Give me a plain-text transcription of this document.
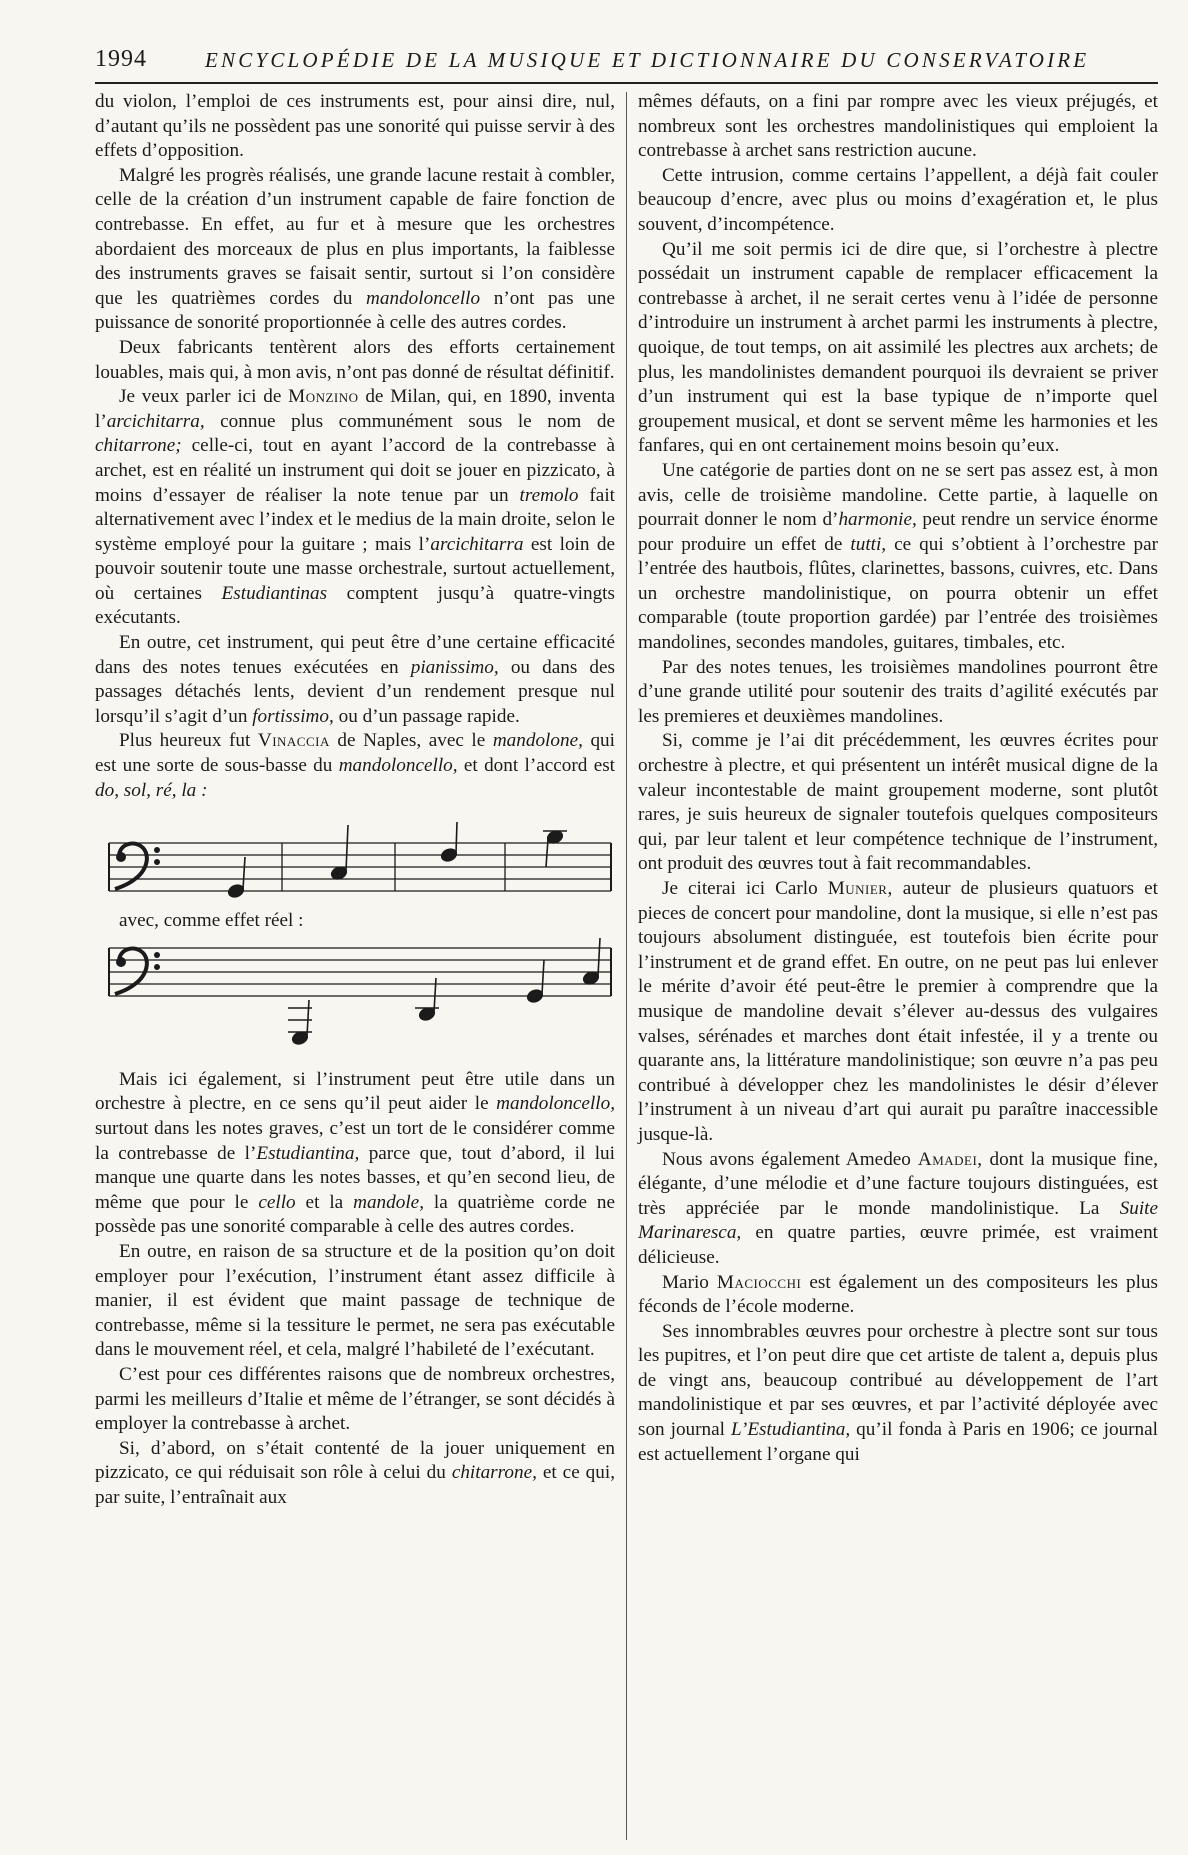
1994	ENCYCLOPÉDIE DE LA MUSIQUE ET DICTIONNAIRE DU CONSERVATOIRE

du violon, l’emploi de ces instruments est, pour ainsi dire, nul, d’autant qu’ils ne possèdent pas une sonorité qui puisse servir à des effets d’opposition.

Malgré les progrès réalisés, une grande lacune restait à combler, celle de la création d’un instrument capable de faire fonction de contrebasse. En effet, au fur et à mesure que les orchestres abordaient des morceaux de plus en plus importants, la faiblesse des instruments graves se faisait sentir, surtout si l’on considère que les quatrièmes cordes du mandoloncello n’ont pas une puissance de sonorité proportionnée à celle des autres cordes.

Deux fabricants tentèrent alors des efforts certainement louables, mais qui, à mon avis, n’ont pas donné de résultat définitif.

Je veux parler ici de Monzino de Milan, qui, en 1890, inventa l’arcichitarra, connue plus communément sous le nom de chitarrone; celle-ci, tout en ayant l’accord de la contrebasse à archet, est en réalité un instrument qui doit se jouer en pizzicato, à moins d’essayer de réaliser la note tenue par un tremolo fait alternativement avec l’index et le medius de la main droite, selon le système employé pour la guitare ; mais l’arcichitarra est loin de pouvoir soutenir toute une masse orchestrale, surtout actuellement, où certaines Estudiantinas comptent jusqu’à quatre-vingts exécutants.

En outre, cet instrument, qui peut être d’une certaine efficacité dans des notes tenues exécutées en pianissimo, ou dans des passages détachés lents, devient d’un rendement presque nul lorsqu’il s’agit d’un fortissimo, ou d’un passage rapide.

Plus heureux fut Vinaccia de Naples, avec le mandolone, qui est une sorte de sous-basse du mandoloncello, et dont l’accord est do, sol, ré, la :

avec, comme effet réel :

Mais ici également, si l’instrument peut être utile dans un orchestre à plectre, en ce sens qu’il peut aider le mandoloncello, surtout dans les notes graves, c’est un tort de le considérer comme la contrebasse de l’Estudiantina, parce que, tout d’abord, il lui manque une quarte dans les notes basses, et qu’en second lieu, de même que pour le cello et la mandole, la quatrième corde ne possède pas une sonorité comparable à celle des autres cordes.

En outre, en raison de sa structure et de la position qu’on doit employer pour l’exécution, l’instrument étant assez difficile à manier, il est évident que maint passage de technique de contrebasse, même si la tessiture le permet, ne sera pas exécutable dans le mouvement réel, et cela, malgré l’habileté de l’exécutant.

C’est pour ces différentes raisons que de nombreux orchestres, parmi les meilleurs d’Italie et même de l’étranger, se sont décidés à employer la contrebasse à archet.

Si, d’abord, on s’était contenté de la jouer uniquement en pizzicato, ce qui réduisait son rôle à celui du chitarrone, et ce qui, par suite, l’entraînait aux

mêmes défauts, on a fini par rompre avec les vieux préjugés, et nombreux sont les orchestres mandolinistiques qui emploient la contrebasse à archet sans restriction aucune.

Cette intrusion, comme certains l’appellent, a déjà fait couler beaucoup d’encre, avec plus ou moins d’exagération et, le plus souvent, d’incompétence.

Qu’il me soit permis ici de dire que, si l’orchestre à plectre possédait un instrument capable de remplacer efficacement la contrebasse à archet, il ne serait certes venu à l’idée de personne d’introduire un instrument à archet parmi les instruments à plectre, quoique, de tout temps, on ait assimilé les plectres aux archets; de plus, les mandolinistes demandent pourquoi ils devraient se priver d’un instrument qui est la base typique de n’importe quel groupement musical, et dont se servent même les harmonies et les fanfares, qui en ont certainement moins besoin qu’eux.

Une catégorie de parties dont on ne se sert pas assez est, à mon avis, celle de troisième mandoline. Cette partie, à laquelle on pourrait donner le nom d’harmonie, peut rendre un service énorme pour produire un effet de tutti, ce qui s’obtient à l’orchestre par l’entrée des hautbois, flûtes, clarinettes, bassons, cuivres, etc. Dans un orchestre mandolinistique, on pourra obtenir un effet comparable (toute proportion gardée) par l’entrée des troisièmes mandolines, secondes mandoles, guitares, timbales, etc.

Par des notes tenues, les troisièmes mandolines pourront être d’une grande utilité pour soutenir des traits d’agilité exécutés par les premieres et deuxièmes mandolines.

Si, comme je l’ai dit précédemment, les œuvres écrites pour orchestre à plectre, et qui présentent un intérêt musical digne de la valeur incontestable de maint groupement moderne, sont plutôt rares, je suis heureux de signaler toutefois quelques compositeurs qui, par leur talent et leur compétence technique de l’instrument, ont produit des œuvres tout à fait recommandables.

Je citerai ici Carlo Munier, auteur de plusieurs quatuors et pieces de concert pour mandoline, dont la musique, si elle n’est pas toujours absolument distinguée, est toutefois bien écrite pour l’instrument et de grand effet. En outre, on ne peut pas lui enlever le mérite d’avoir été peut-être le premier à comprendre que la musique de mandoline devait s’élever au-dessus des vulgaires valses, sérénades et marches dont était infestée, il y a trente ou quarante ans, la littérature mandolinistique; son œuvre n’a pas peu contribué à développer chez les mandolinistes le désir d’élever l’instrument à un niveau d’art qui aurait pu paraître inaccessible jusque-là.

Nous avons également Amedeo Amadei, dont la musique fine, élégante, d’une mélodie et d’une facture toujours distinguées, est très appréciée par le monde mandolinistique. La Suite Marinaresca, en quatre parties, œuvre primée, est vraiment délicieuse.

Mario Maciocchi est également un des compositeurs les plus féconds de l’école moderne.

Ses innombrables œuvres pour orchestre à plectre sont sur tous les pupitres, et l’on peut dire que cet artiste de talent a, depuis plus de vingt ans, beaucoup contribué au développement de l’art mandolinistique et par ses œuvres, et par l’activité déployée avec son journal L’Estudiantina, qu’il fonda à Paris en 1906; ce journal est actuellement l’organe qui
